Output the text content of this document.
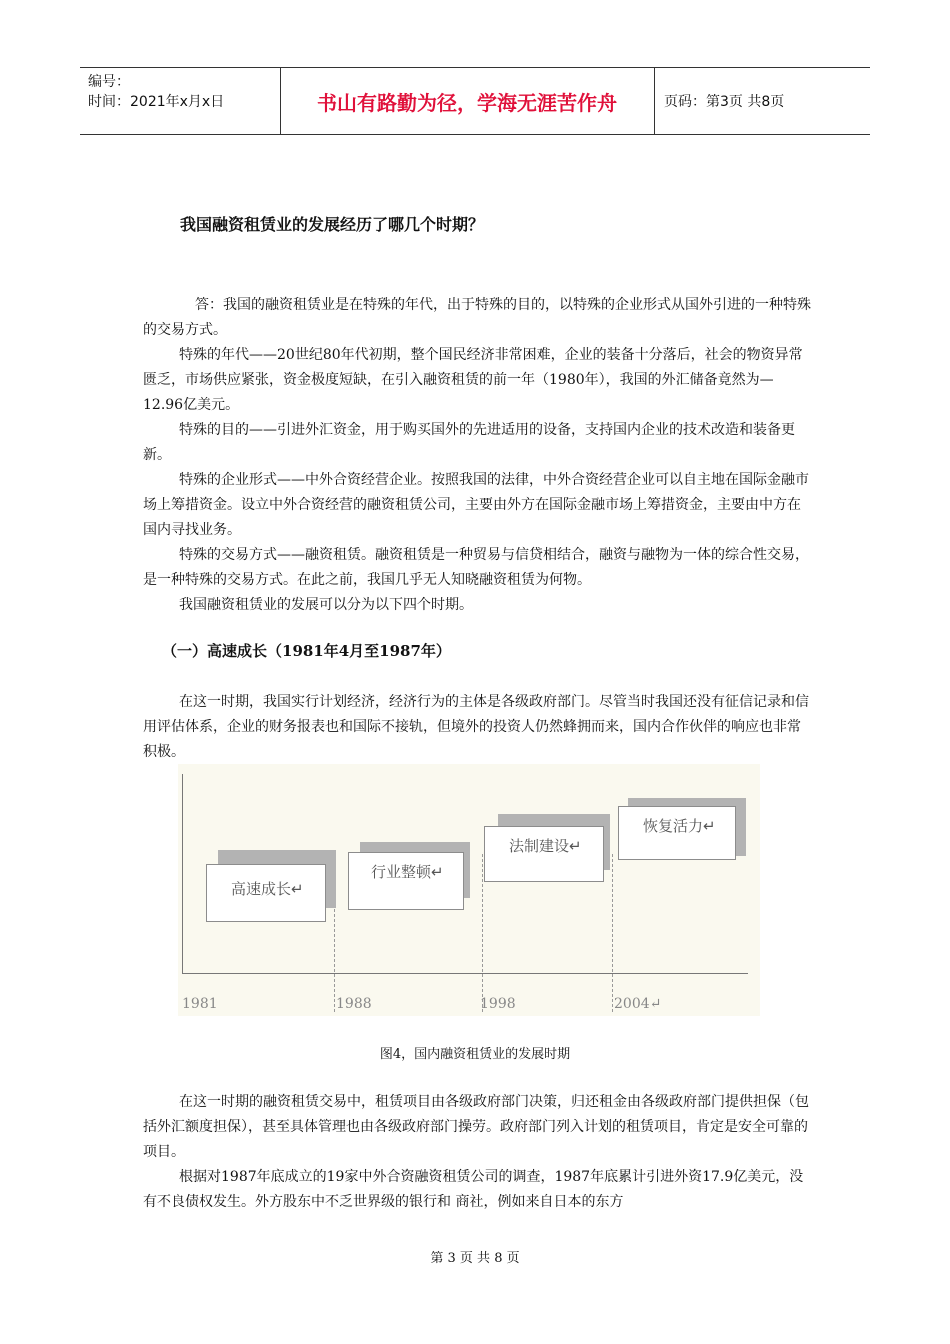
编号：
时间：2021年x月x日	书山有路勤为径，学海无涯苦作舟	页码：第3页 共8页
我国融资租赁业的发展经历了哪几个时期？

答：我国的融资租赁业是在特殊的年代，出于特殊的目的，以特殊的企业形式从国外引进的一种特殊的交易方式。

特殊的年代——20世纪80年代初期，整个国民经济非常困难，企业的装备十分落后，社会的物资异常匮乏，市场供应紧张，资金极度短缺，在引入融资租赁的前一年（1980年），我国的外汇储备竟然为—12.96亿美元。

特殊的目的——引进外汇资金，用于购买国外的先进适用的设备，支持国内企业的技术改造和装备更新。

特殊的企业形式——中外合资经营企业。按照我国的法律，中外合资经营企业可以自主地在国际金融市场上筹措资金。设立中外合资经营的融资租赁公司，主要由外方在国际金融市场上筹措资金，主要由中方在国内寻找业务。

特殊的交易方式——融资租赁。融资租赁是一种贸易与信贷相结合，融资与融物为一体的综合性交易，是一种特殊的交易方式。在此之前，我国几乎无人知晓融资租赁为何物。

我国融资租赁业的发展可以分为以下四个时期。

（一）高速成长（1981年4月至1987年）

在这一时期，我国实行计划经济，经济行为的主体是各级政府部门。尽管当时我国还没有征信记录和信用评估体系，企业的财务报表也和国际不接轨，但境外的投资人仍然蜂拥而来，国内合作伙伴的响应也非常积极。

高速成长↵
行业整顿↵
法制建设↵
恢复活力↵
1981	1988	1998	2004↵
图4，国内融资租赁业的发展时期

在这一时期的融资租赁交易中，租赁项目由各级政府部门决策，归还租金由各级政府部门提供担保（包括外汇额度担保），甚至具体管理也由各级政府部门操劳。政府部门列入计划的租赁项目，肯定是安全可靠的项目。

根据对1987年底成立的19家中外合资融资租赁公司的调查，1987年底累计引进外资17.9亿美元，没有不良债权发生。外方股东中不乏世界级的银行和 商社，例如来自日本的东方

第 3 页 共 8 页
